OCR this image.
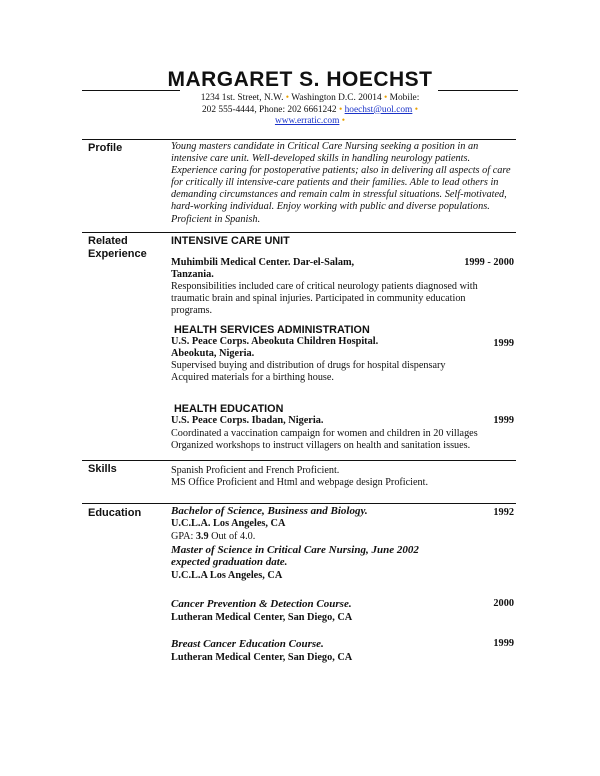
MARGARET S. HOECHST
1234 1st. Street, N.W. • Washington D.C. 20014 • Mobile:
202 555-4444, Phone: 202 6661242 • hoechst@uol.com •
www.erratic.com •
Profile	Young masters candidate in Critical Care Nursing seeking a position in an intensive care unit. Well-developed skills in handling neurology patients. Experience caring for postoperative patients; also in delivering all aspects of care for critically ill intensive-care patients and their families. Able to lead others in demanding circumstances and remain calm in stressful situations. Self-motivated, hard-working individual. Enjoy working with public and diverse populations. Proficient in Spanish.
Related
Experience
INTENSIVE CARE UNIT
Muhimbili Medical Center. Dar-el-Salam,	1999 - 2000
Tanzania.
Responsibilities included care of critical neurology patients diagnosed with
traumatic brain and spinal injuries. Participated in community education
programs.
HEALTH SERVICES ADMINISTRATION
U.S. Peace Corps. Abeokuta Children Hospital.	1999
Abeokuta, Nigeria.
Supervised buying and distribution of drugs for hospital dispensary
Acquired materials for a birthing house.
HEALTH EDUCATION
U.S. Peace Corps. Ibadan, Nigeria.	1999
Coordinated a vaccination campaign for women and children in 20 villages
Organized workshops to instruct villagers on health and sanitation issues.
Skills	Spanish Proficient and French Proficient.
MS Office Proficient and Html and webpage design Proficient.
Education	Bachelor of Science, Business and Biology.	1992
U.C.L.A. Los Angeles, CA
GPA: 3.9 Out of 4.0.
Master of Science in Critical Care Nursing, June 2002
expected graduation date.
U.C.L.A Los Angeles, CA
Cancer Prevention & Detection Course.	2000
Lutheran Medical Center, San Diego, CA
Breast Cancer Education Course.	1999
Lutheran Medical Center, San Diego, CA
